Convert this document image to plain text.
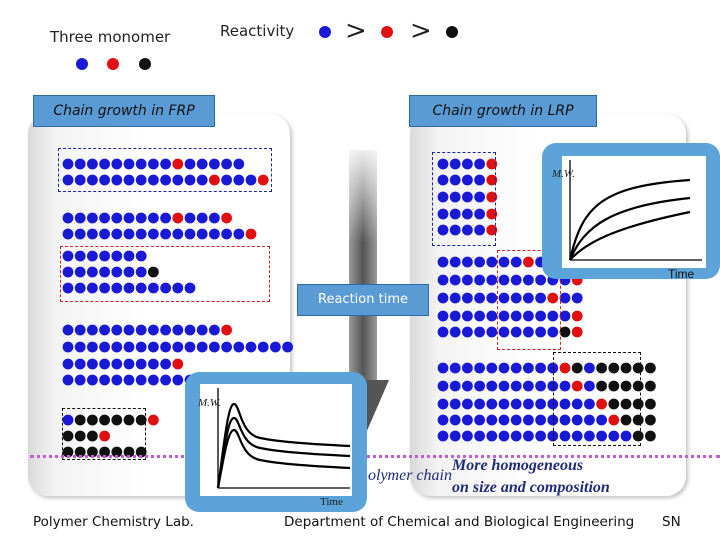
Three monomer	Reactivity > >
Chain growth in FRP	Chain growth in LRP
Reaction time
M.W.
Time
M.W.
Time
olymer chain
More homogeneous
on size and composition
Polymer Chemistry Lab.	Department of Chemical and Biological Engineering SN
